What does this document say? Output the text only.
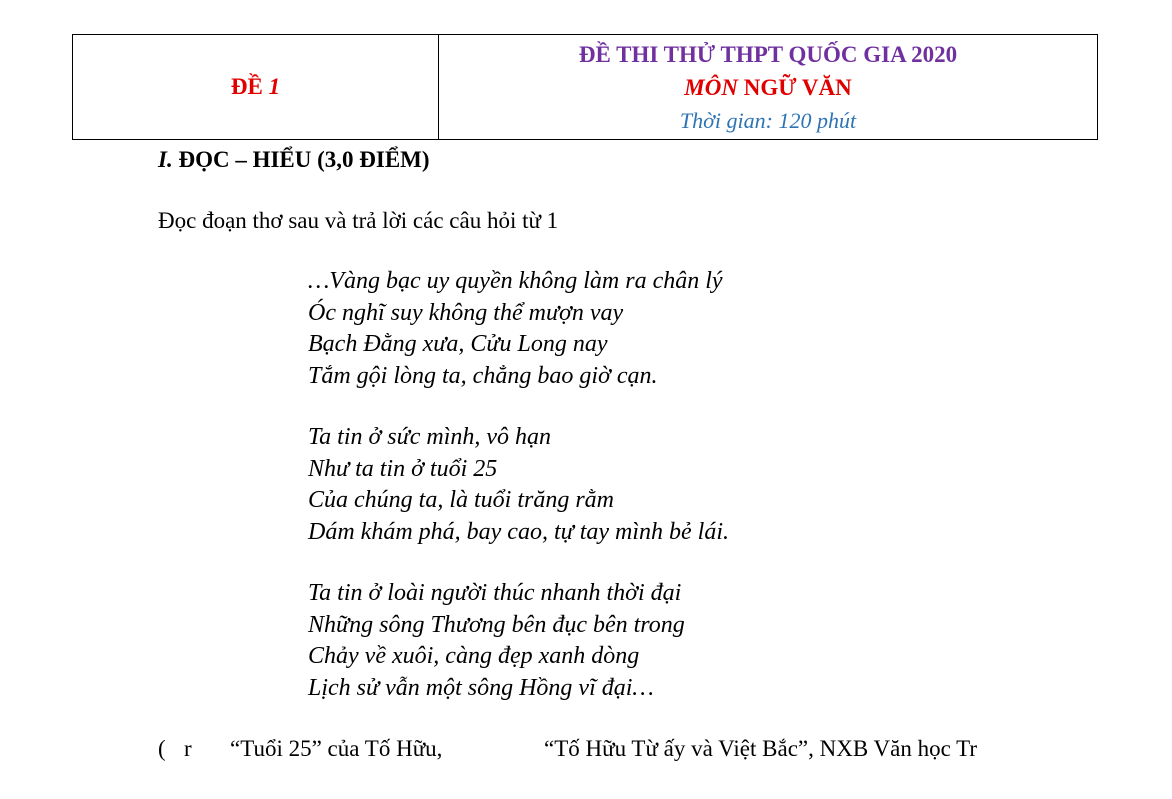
ĐỀ 1
ĐỀ THI THỬ THPT QUỐC GIA 2020
MÔN NGỮ VĂN
Thời gian: 120 phút
I. ĐỌC – HIỂU (3,0 ĐIỂM)
Đọc đoạn thơ sau và trả lời các câu hỏi từ 1
…Vàng bạc uy quyền không làm ra chân lý
Óc nghĩ suy không thể mượn vay
Bạch Đằng xưa, Cửu Long nay
Tắm gội lòng ta, chẳng bao giờ cạn.
Ta tin ở sức mình, vô hạn
Như ta tin ở tuổi 25
Của chúng ta, là tuổi trăng rằm
Dám khám phá, bay cao, tự tay mình bẻ lái.
Ta tin ở loài người thúc nhanh thời đại
Những sông Thương bên đục bên trong
Chảy về xuôi, càng đẹp xanh dòng
Lịch sử vẫn một sông Hồng vĩ đại…
( r “Tuổi 25” của Tố Hữu,	“Tố Hữu Từ ấy và Việt Bắc”, NXB Văn học Tr
